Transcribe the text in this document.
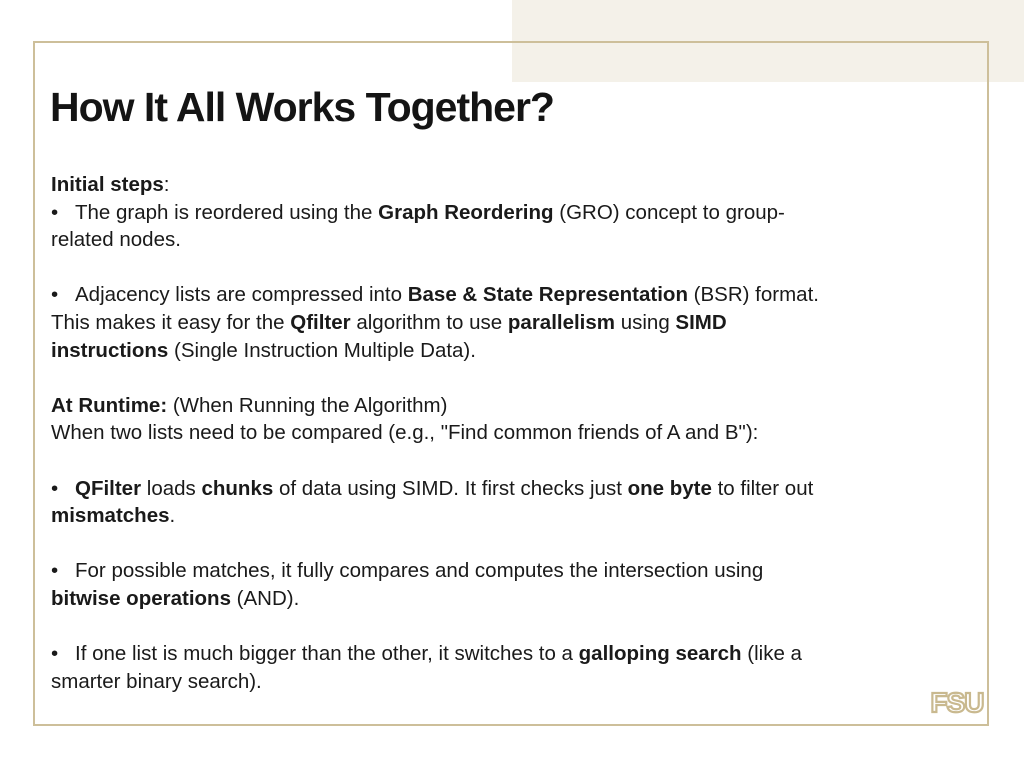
How It All Works Together?
Initial steps:
• The graph is reordered using the Graph Reordering (GRO) concept to group-
related nodes.
• Adjacency lists are compressed into Base & State Representation (BSR) format.
This makes it easy for the Qfilter algorithm to use parallelism using SIMD
instructions (Single Instruction Multiple Data).
At Runtime: (When Running the Algorithm)
When two lists need to be compared (e.g., "Find common friends of A and B"):
• QFilter loads chunks of data using SIMD. It first checks just one byte to filter out
mismatches.
• For possible matches, it fully compares and computes the intersection using
bitwise operations (AND).
• If one list is much bigger than the other, it switches to a galloping search (like a
smarter binary search).
FSU
